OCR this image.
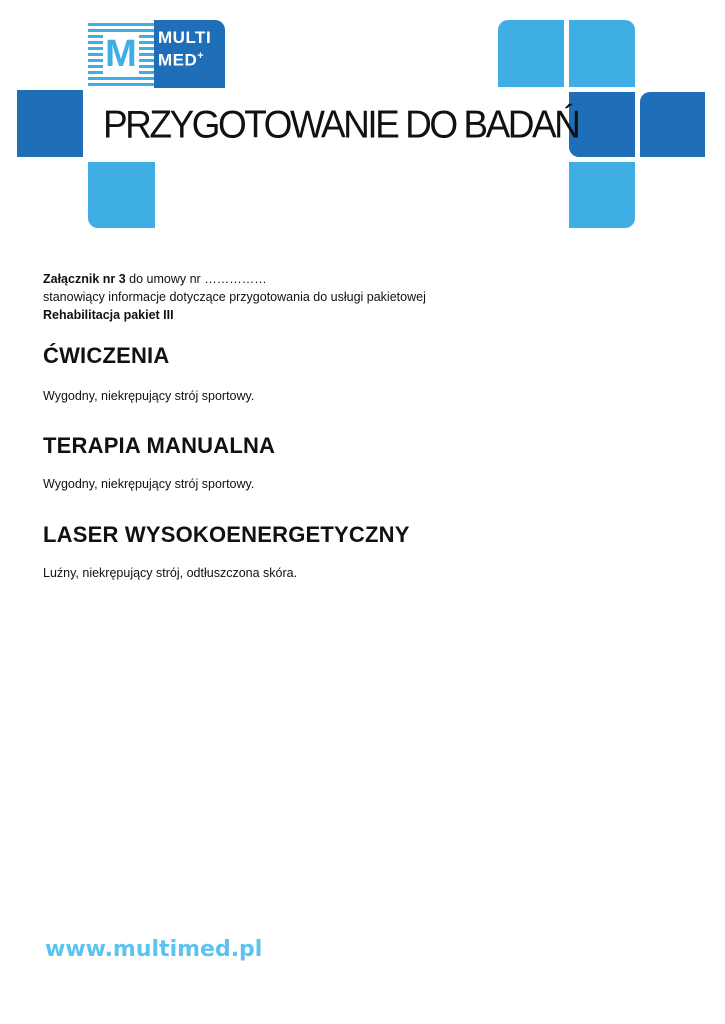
M MULTI
MED+
PRZYGOTOWANIE DO BADAŃ

Załącznik nr 3 do umowy nr ……………

stanowiący informacje dotyczące przygotowania do usługi pakietowej

Rehabilitacja pakiet III

ĆWICZENIA

Wygodny, niekrępujący strój sportowy.

TERAPIA MANUALNA

Wygodny, niekrępujący strój sportowy.

LASER WYSOKOENERGETYCZNY

Luźny, niekrępujący strój, odtłuszczona skóra.

www.multimed.pl
